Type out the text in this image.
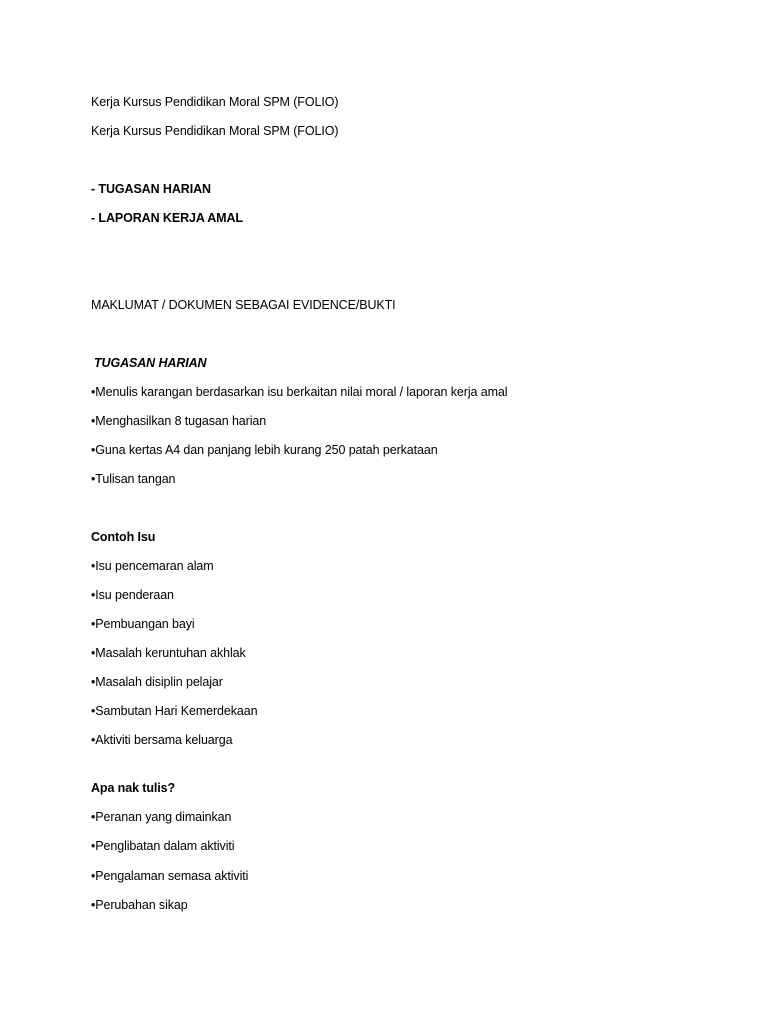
Kerja Kursus Pendidikan Moral SPM (FOLIO)
Kerja Kursus Pendidikan Moral SPM (FOLIO)
- TUGASAN HARIAN
- LAPORAN KERJA AMAL
MAKLUMAT / DOKUMEN SEBAGAI EVIDENCE/BUKTI
TUGASAN HARIAN
•Menulis karangan berdasarkan isu berkaitan nilai moral / laporan kerja amal
•Menghasilkan 8 tugasan harian
•Guna kertas A4 dan panjang lebih kurang 250 patah perkataan
•Tulisan tangan
Contoh Isu
•Isu pencemaran alam
•Isu penderaan
•Pembuangan bayi
•Masalah keruntuhan akhlak
•Masalah disiplin pelajar
•Sambutan Hari Kemerdekaan
•Aktiviti bersama keluarga
Apa nak tulis?
•Peranan yang dimainkan
•Penglibatan dalam aktiviti
•Pengalaman semasa aktiviti
•Perubahan sikap
